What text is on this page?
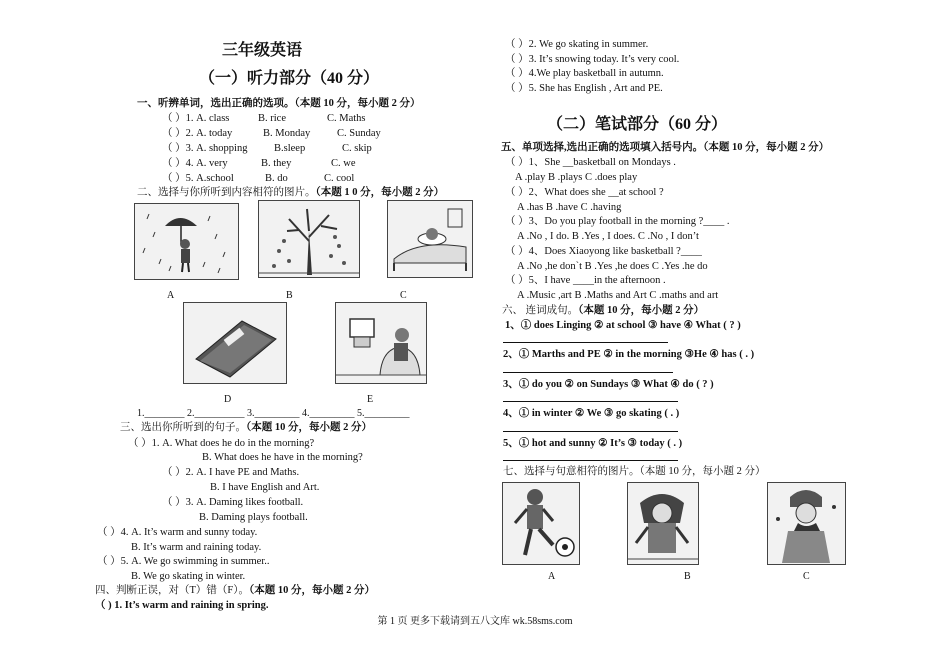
三年级英语
（一）听力部分（40 分）
一、听辨单词，选出正确的选项。（本题 10 分，每小题 2 分）
（ ）1. A. class	B. rice	C. Maths
（ ）2. A. today	B. Monday	C. Sunday
（ ）3. A. shopping	B.sleep	C. skip
（ ）4. A. very	B. they	C. we
（ ）5. A.school	B. do	C. cool
二、选择与你所听到内容相符的图片。（本题 1 0 分，每小题 2 分）
A	B	C
D	E
1.________ 2.__________ 3._________ 4._________ 5._________
三、选出你所听到的句子。（本题 10 分，每小题 2 分）
（ ）1. A. What does he do in the morning?
B. What does he have in the morning?
（ ）2. A. I have PE and Maths.
B. I have English and Art.
（ ）3. A. Daming likes football.
B. Daming plays football.
（ ）4. A. It’s warm and sunny today.
B. It’s warm and raining today.
（ ）5. A. We go swimming in summer..
B. We go skating in winter.
四、判断正误，对（T）错（F）。（本题 10 分，每小题 2 分）
（ ) 1. It’s warm and raining in spring.
（ ）2. We go skating in summer.
（ ）3. It’s snowing today. It’s very cool.
（ ）4.We play basketball in autumn.
（ ）5. She has English , Art and PE.
（二）笔试部分（60 分）
五、单项选择,选出正确的选项填入括号内。（本题 10 分，每小题 2 分）
（ ）1、She __basketball on Mondays .
A .play B .plays C .does play
（ ）2、What does she __at school ?
A .has B .have C .having
（ ）3、Do you play football in the morning ?____ .
A .No , I do. B .Yes , I does. C .No , I don’t
（ ）4、Does Xiaoyong like basketball ?____
A .No ,he don`t B .Yes ,he does C .Yes .he do
（ ）5、I have ____in the afternoon .
A .Music ,art B .Maths and Art C .maths and art
六、 连词成句。（本题 10 分，每小题 2 分）
1、① does Linging ② at school ③ have ④ What ( ? )
2、① Marths and PE ② in the morning ③He ④ has ( . )
3、① do you ② on Sundays ③ What ④ do ( ? )
4、① in winter ② We ③ go skating ( . )
5、① hot and sunny ② It’s ③ today ( . )
七、选择与句意相符的图片。（本题 10 分，每小题 2 分）
A	B	C
第 1 页 更多下载请到五八文库 wk.58sms.com
